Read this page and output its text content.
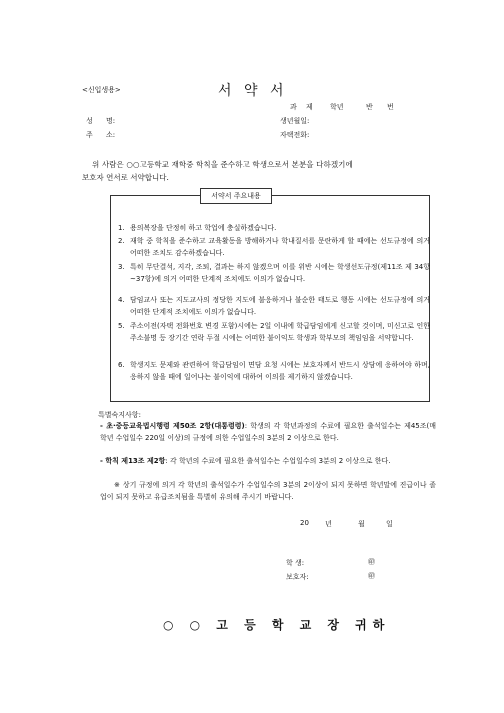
<신입생용>	서 약 서
과 제 학년	반 번
성 명:	생년월일:
주 소:	자택전화:
위 사람은 ○○고등학교 재학중 학칙을 준수하고 학생으로서 본분을 다하겠기에
보호자 연서로 서약합니다.
서약서 주요내용
1. 용의복장을 단정히 하고 학업에 충실하겠습니다.
2. 재학 중 학칙을 준수하고 교육활동을 방해하거나 학내질서를 문란하게 할 때에는 선도규정에 의거 어떠한 조치도 감수하겠습니다.
3. 특히 무단결석, 지각, 조퇴, 결과는 하지 않겠으며 이를 위반 시에는 학생선도규정(제11조 제 34항~37항)에 의거 어떠한 단계적 조치에도 이의가 없습니다.
4. 담임교사 또는 지도교사의 정당한 지도에 불응하거나 불순한 태도로 행동 시에는 선도규정에 의거 어떠한 단계적 조치에도 이의가 없습니다.
5. 주소이전(자택 전화번호 변경 포함)시에는 2일 이내에 학급담임에게 신고할 것이며, 미신고로 인한 주소불명 등 장기간 연락 두절 시에는 어떠한 불이익도 학생과 학부모의 책임임을 서약합니다.
6. 학생지도 문제와 관련하여 학급담임이 면담 요청 시에는 보호자께서 반드시 상담에 응하여야 하며, 응하지 않을 때에 일어나는 불이익에 대하여 이의를 제기하지 않겠습니다.
특별숙지사항:
- 초·중등교육법시행령 제50조 2항(대통령령): 학생의 각 학년과정의 수료에 필요한 출석일수는 제45조(매 학년 수업일수 220일 이상)의 규정에 의한 수업일수의 3분의 2 이상으로 한다.
- 학칙 제13조 제2항: 각 학년의 수료에 필요한 출석일수는 수업일수의 3분의 2 이상으로 한다.
※ 상기 규정에 의거 각 학년의 출석일수가 수업일수의 3분의 2이상이 되지 못하면 학년말에 진급이나 졸업이 되지 못하고 유급조치됨을 특별히 유의해 주시기 바랍니다.
20 년	월	일
학 생:	㊞
보호자:	㊞
○ ○ 고 등 학 교 장 귀하
